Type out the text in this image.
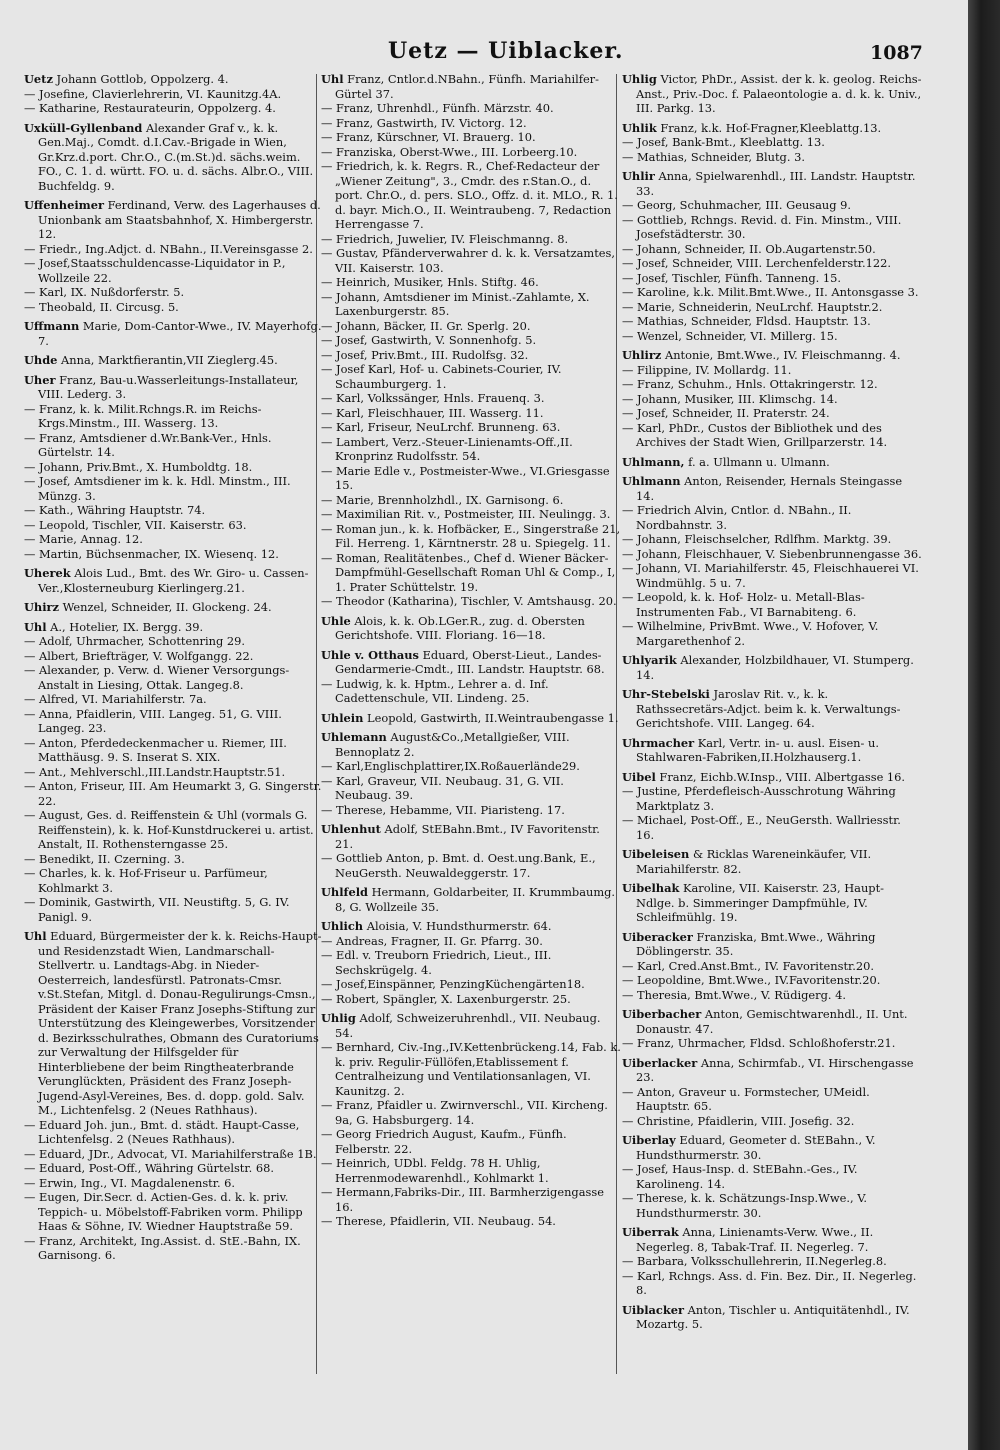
Uetz — Uiblacker.	1087
Uetz Johann Gottlob, Oppolzerg. 4.
— Josefine, Clavierlehrerin, VI. Kaunitzg.4A.
— Katharine, Restaurateurin, Oppolzerg. 4.
Uxküll-Gyllenband Alexander Graf v., k. k. Gen.Maj., Comdt. d.I.Cav.-Brigade in Wien, Gr.Krz.d.port. Chr.O., C.(m.St.)d. sächs.weim. FO., C. 1. d. württ. FO. u. d. sächs. Albr.O., VIII. Buchfeldg. 9.
Uffenheimer Ferdinand, Verw. des Lagerhauses d. Unionbank am Staatsbahnhof, X. Himbergerstr. 12.
— Friedr., Ing.Adjct. d. NBahn., II.Vereinsgasse 2.
— Josef,Staatsschuldencasse-Liquidator in P., Wollzeile 22.
— Karl, IX. Nußdorferstr. 5.
— Theobald, II. Circusg. 5.
Uffmann Marie, Dom-Cantor-Wwe., IV. Mayerhofg. 7.
Uhde Anna, Marktfierantin,VII Zieglerg.45.
Uher Franz, Bau-u.Wasserleitungs-Installateur, VIII. Lederg. 3.
— Franz, k. k. Milit.Rchngs.R. im Reichs-Krgs.Minstm., III. Wasserg. 13.
— Franz, Amtsdiener d.Wr.Bank-Ver., Hnls. Gürtelstr. 14.
— Johann, Priv.Bmt., X. Humboldtg. 18.
— Josef, Amtsdiener im k. k. Hdl. Minstm., III. Münzg. 3.
— Kath., Währing Hauptstr. 74.
— Leopold, Tischler, VII. Kaiserstr. 63.
— Marie, Annag. 12.
— Martin, Büchsenmacher, IX. Wiesenq. 12.
Uherek Alois Lud., Bmt. des Wr. Giro- u. Cassen-Ver.,Klosterneuburg Kierlingerg.21.
Uhirz Wenzel, Schneider, II. Glockeng. 24.
Uhl A., Hotelier, IX. Bergg. 39.
— Adolf, Uhrmacher, Schottenring 29.
— Albert, Briefträger, V. Wolfgangg. 22.
— Alexander, p. Verw. d. Wiener Versorgungs-Anstalt in Liesing, Ottak. Langeg.8.
— Alfred, VI. Mariahilferstr. 7a.
— Anna, Pfaidlerin, VIII. Langeg. 51, G. VIII. Langeg. 23.
— Anton, Pferdedeckenmacher u. Riemer, III. Matthäusg. 9. S. Inserat S. XIX.
— Ant., Mehlverschl.,III.Landstr.Hauptstr.51.
— Anton, Friseur, III. Am Heumarkt 3, G. Singerstr. 22.
— August, Ges. d. Reiffenstein & Uhl (vormals G. Reiffenstein), k. k. Hof-Kunstdruckerei u. artist. Anstalt, II. Rothensterngasse 25.
— Benedikt, II. Czerning. 3.
— Charles, k. k. Hof-Friseur u. Parfümeur, Kohlmarkt 3.
— Dominik, Gastwirth, VII. Neustiftg. 5, G. IV. Panigl. 9.
Uhl Eduard, Bürgermeister der k. k. Reichs-Haupt- und Residenzstadt Wien, Landmarschall-Stellvertr. u. Landtags-Abg. in Nieder-Oesterreich, landesfürstl. Patronats-Cmsr. v.St.Stefan, Mitgl. d. Donau-Regulirungs-Cmsn., Präsident der Kaiser Franz Josephs-Stiftung zur Unterstützung des Kleingewerbes, Vorsitzender d. Bezirksschulrathes, Obmann des Curatoriums zur Verwaltung der Hilfsgelder für Hinterbliebene der beim Ringtheaterbrande Verunglückten, Präsident des Franz Joseph-Jugend-Asyl-Vereines, Bes. d. dopp. gold. Salv. M., Lichtenfelsg. 2 (Neues Rathhaus).
— Eduard Joh. jun., Bmt. d. städt. Haupt-Casse, Lichtenfelsg. 2 (Neues Rathhaus).
— Eduard, JDr., Advocat, VI. Mariahilferstraße 1B.
— Eduard, Post-Off., Währing Gürtelstr. 68.
— Erwin, Ing., VI. Magdalenenstr. 6.
— Eugen, Dir.Secr. d. Actien-Ges. d. k. k. priv. Teppich- u. Möbelstoff-Fabriken vorm. Philipp Haas & Söhne, IV. Wiedner Hauptstraße 59.
— Franz, Architekt, Ing.Assist. d. StE.-Bahn, IX. Garnisong. 6.
Uhl Franz, Cntlor.d.NBahn., Fünfh. Mariahilfer-Gürtel 37.
— Franz, Uhrenhdl., Fünfh. Märzstr. 40.
— Franz, Gastwirth, IV. Victorg. 12.
— Franz, Kürschner, VI. Brauerg. 10.
— Franziska, Oberst-Wwe., III. Lorbeerg.10.
— Friedrich, k. k. Regrs. R., Chef-Redacteur der „Wiener Zeitung", 3., Cmdr. des r.Stan.O., d. port. Chr.O., d. pers. SLO., Offz. d. it. MLO., R. 1. d. bayr. Mich.O., II. Weintraubeng. 7, Redaction Herrengasse 7.
— Friedrich, Juwelier, IV. Fleischmanng. 8.
— Gustav, Pfänderverwahrer d. k. k. Versatzamtes, VII. Kaiserstr. 103.
— Heinrich, Musiker, Hnls. Stiftg. 46.
— Johann, Amtsdiener im Minist.-Zahlamte, X. Laxenburgerstr. 85.
— Johann, Bäcker, II. Gr. Sperlg. 20.
— Josef, Gastwirth, V. Sonnenhofg. 5.
— Josef, Priv.Bmt., III. Rudolfsg. 32.
— Josef Karl, Hof- u. Cabinets-Courier, IV. Schaumburgerg. 1.
— Karl, Volkssänger, Hnls. Frauenq. 3.
— Karl, Fleischhauer, III. Wasserg. 11.
— Karl, Friseur, NeuLrchf. Brunneng. 63.
— Lambert, Verz.-Steuer-Linienamts-Off.,II. Kronprinz Rudolfsstr. 54.
— Marie Edle v., Postmeister-Wwe., VI.Griesgasse 15.
— Marie, Brennholzhdl., IX. Garnisong. 6.
— Maximilian Rit. v., Postmeister, III. Neulingg. 3.
— Roman jun., k. k. Hofbäcker, E., Singerstraße 21, Fil. Herreng. 1, Kärntnerstr. 28 u. Spiegelg. 11.
— Roman, Realitätenbes., Chef d. Wiener Bäcker-Dampfmühl-Gesellschaft Roman Uhl & Comp., I, 1. Prater Schüttelstr. 19.
— Theodor (Katharina), Tischler, V. Amtshausg. 20.
Uhle Alois, k. k. Ob.LGer.R., zug. d. Obersten Gerichtshofe. VIII. Floriang. 16—18.
Uhle v. Otthaus Eduard, Oberst-Lieut., Landes-Gendarmerie-Cmdt., III. Landstr. Hauptstr. 68.
— Ludwig, k. k. Hptm., Lehrer a. d. Inf. Cadettenschule, VII. Lindeng. 25.
Uhlein Leopold, Gastwirth, II.Weintraubengasse 1.
Uhlemann August&Co.,Metallgießer, VIII. Bennoplatz 2.
— Karl,Englischplattirer,IX.Roßauerlände29.
— Karl, Graveur, VII. Neubaug. 31, G. VII. Neubaug. 39.
— Therese, Hebamme, VII. Piaristeng. 17.
Uhlenhut Adolf, StEBahn.Bmt., IV Favoritenstr. 21.
— Gottlieb Anton, p. Bmt. d. Oest.ung.Bank, E., NeuGersth. Neuwaldeggerstr. 17.
Uhlfeld Hermann, Goldarbeiter, II. Krummbaumg. 8, G. Wollzeile 35.
Uhlich Aloisia, V. Hundsthurmerstr. 64.
— Andreas, Fragner, II. Gr. Pfarrg. 30.
— Edl. v. Treuborn Friedrich, Lieut., III. Sechskrügelg. 4.
— Josef,Einspänner, PenzingKüchengärten18.
— Robert, Spängler, X. Laxenburgerstr. 25.
Uhlig Adolf, Schweizeruhrenhdl., VII. Neubaug. 54.
— Bernhard, Civ.-Ing.,IV.Kettenbrückeng.14, Fab. k. k. priv. Regulir-Füllöfen,Etablissement f. Centralheizung und Ventilationsanlagen, VI. Kaunitzg. 2.
— Franz, Pfaidler u. Zwirnverschl., VII. Kircheng. 9a, G. Habsburgerg. 14.
— Georg Friedrich August, Kaufm., Fünfh. Felberstr. 22.
— Heinrich, UDbl. Feldg. 78 H. Uhlig, Herrenmodewarenhdl., Kohlmarkt 1.
— Hermann,Fabriks-Dir., III. Barmherzigengasse 16.
— Therese, Pfaidlerin, VII. Neubaug. 54.
Uhlig Victor, PhDr., Assist. der k. k. geolog. Reichs-Anst., Priv.-Doc. f. Palaeontologie a. d. k. k. Univ., III. Parkg. 13.
Uhlik Franz, k.k. Hof-Fragner,Kleeblattg.13.
— Josef, Bank-Bmt., Kleeblattg. 13.
— Mathias, Schneider, Blutg. 3.
Uhlir Anna, Spielwarenhdl., III. Landstr. Hauptstr. 33.
— Georg, Schuhmacher, III. Geusaug 9.
— Gottlieb, Rchngs. Revid. d. Fin. Minstm., VIII. Josefstädterstr. 30.
— Johann, Schneider, II. Ob.Augartenstr.50.
— Josef, Schneider, VIII. Lerchenfelderstr.122.
— Josef, Tischler, Fünfh. Tanneng. 15.
— Karoline, k.k. Milit.Bmt.Wwe., II. Antonsgasse 3.
— Marie, Schneiderin, NeuLrchf. Hauptstr.2.
— Mathias, Schneider, Fldsd. Hauptstr. 13.
— Wenzel, Schneider, VI. Millerg. 15.
Uhlirz Antonie, Bmt.Wwe., IV. Fleischmanng. 4.
— Filippine, IV. Mollardg. 11.
— Franz, Schuhm., Hnls. Ottakringerstr. 12.
— Johann, Musiker, III. Klimschg. 14.
— Josef, Schneider, II. Praterstr. 24.
— Karl, PhDr., Custos der Bibliothek und des Archives der Stadt Wien, Grillparzerstr. 14.
Uhlmann, f. a. Ullmann u. Ulmann.
Uhlmann Anton, Reisender, Hernals Steingasse 14.
— Friedrich Alvin, Cntlor. d. NBahn., II. Nordbahnstr. 3.
— Johann, Fleischselcher, Rdlfhm. Marktg. 39.
— Johann, Fleischhauer, V. Siebenbrunnengasse 36.
— Johann, VI. Mariahilferstr. 45, Fleischhauerei VI. Windmühlg. 5 u. 7.
— Leopold, k. k. Hof- Holz- u. Metall-Blas-Instrumenten Fab., VI Barnabiteng. 6.
— Wilhelmine, PrivBmt. Wwe., V. Hofover, V. Margarethenhof 2.
Uhlyarik Alexander, Holzbildhauer, VI. Stumperg. 14.
Uhr-Stebelski Jaroslav Rit. v., k. k. Rathssecretärs-Adjct. beim k. k. Verwaltungs-Gerichtshofe. VIII. Langeg. 64.
Uhrmacher Karl, Vertr. in- u. ausl. Eisen- u. Stahlwaren-Fabriken,II.Holzhauserg.1.
Uibel Franz, Eichb.W.Insp., VIII. Albertgasse 16.
— Justine, Pferdefleisch-Ausschrotung Währing Marktplatz 3.
— Michael, Post-Off., E., NeuGersth. Wallriesstr. 16.
Uibeleisen & Ricklas Wareneinkäufer, VII. Mariahilferstr. 82.
Uibelhak Karoline, VII. Kaiserstr. 23, Haupt-Ndlge. b. Simmeringer Dampfmühle, IV. Schleifmühlg. 19.
Uiberacker Franziska, Bmt.Wwe., Währing Döblingerstr. 35.
— Karl, Cred.Anst.Bmt., IV. Favoritenstr.20.
— Leopoldine, Bmt.Wwe., IV.Favoritenstr.20.
— Theresia, Bmt.Wwe., V. Rüdigerg. 4.
Uiberbacher Anton, Gemischtwarenhdl., II. Unt. Donaustr. 47.
— Franz, Uhrmacher, Fldsd. Schloßhoferstr.21.
Uiberlacker Anna, Schirmfab., VI. Hirschengasse 23.
— Anton, Graveur u. Formstecher, UMeidl. Hauptstr. 65.
— Christine, Pfaidlerin, VIII. Josefig. 32.
Uiberlay Eduard, Geometer d. StEBahn., V. Hundsthurmerstr. 30.
— Josef, Haus-Insp. d. StEBahn.-Ges., IV. Karolineng. 14.
— Therese, k. k. Schätzungs-Insp.Wwe., V. Hundsthurmerstr. 30.
Uiberrak Anna, Linienamts-Verw. Wwe., II. Negerleg. 8, Tabak-Traf. II. Negerleg. 7.
— Barbara, Volksschullehrerin, II.Negerleg.8.
— Karl, Rchngs. Ass. d. Fin. Bez. Dir., II. Negerleg. 8.
Uiblacker Anton, Tischler u. Antiquitätenhdl., IV. Mozartg. 5.
